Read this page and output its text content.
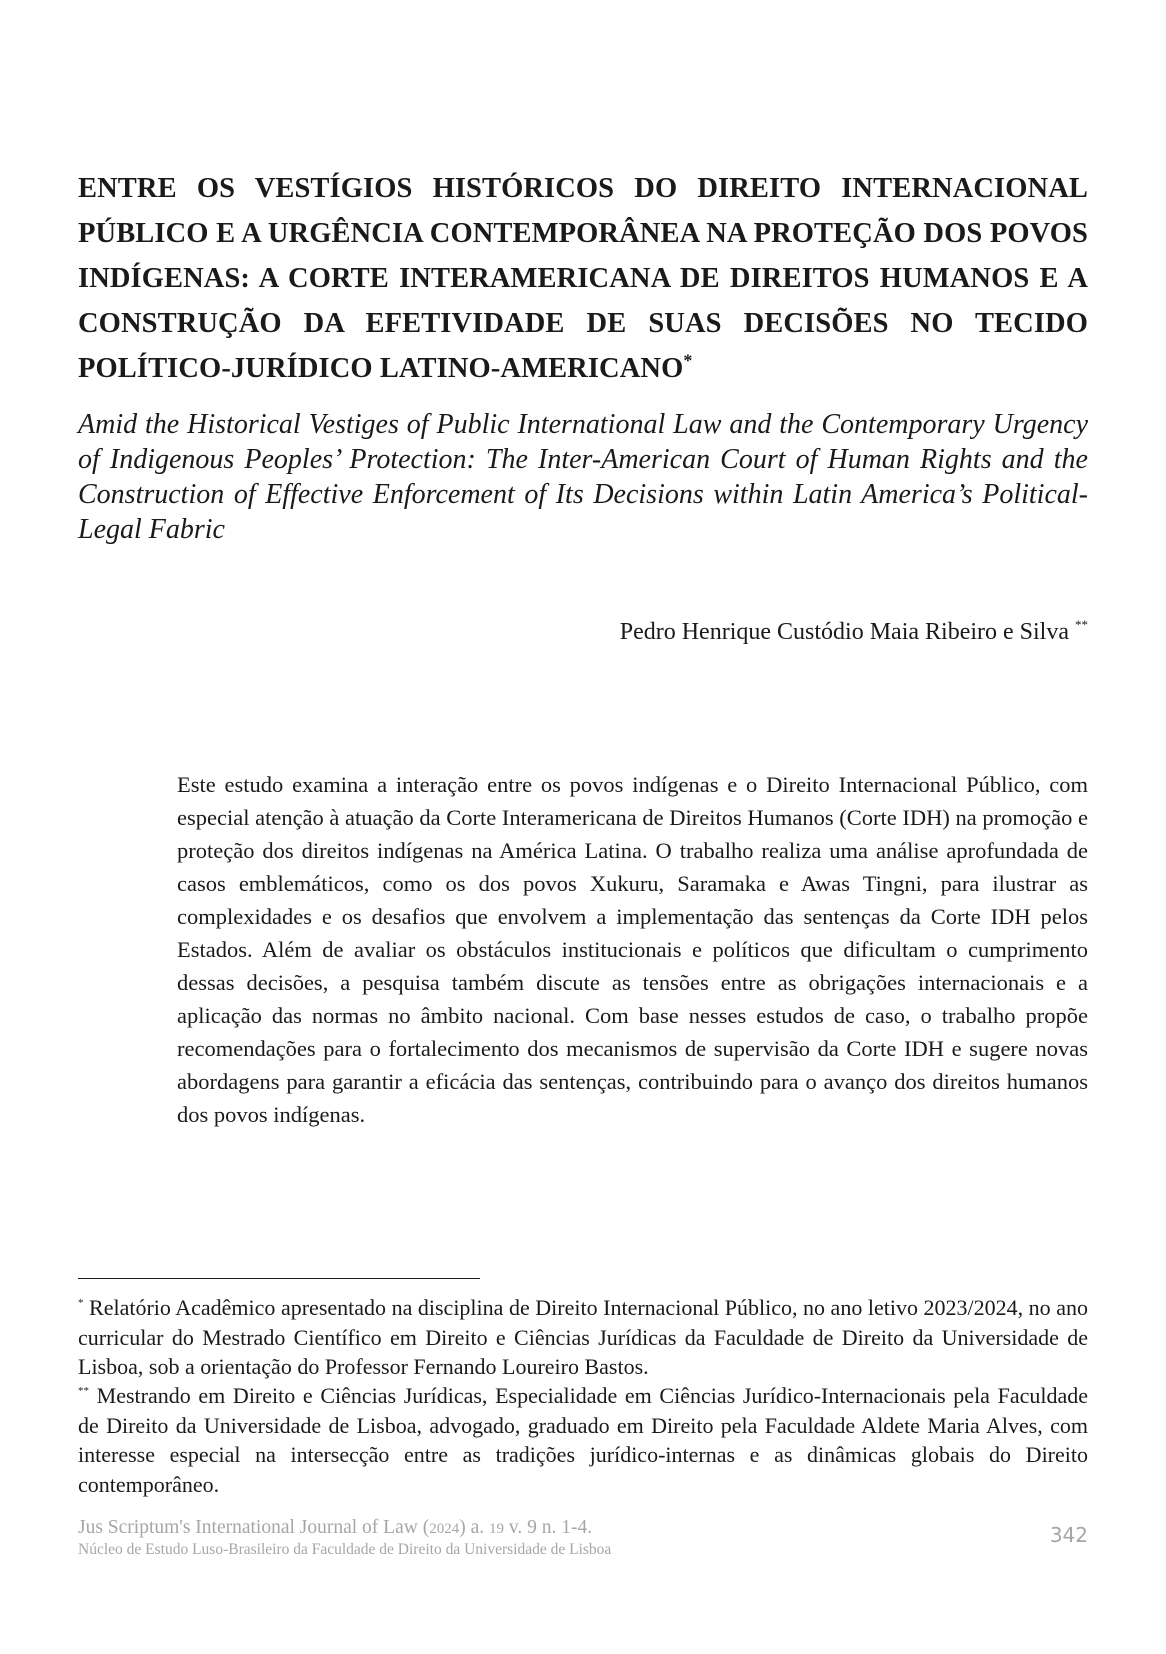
ENTRE OS VESTÍGIOS HISTÓRICOS DO DIREITO INTERNACIONAL PÚBLICO E A URGÊNCIA CONTEMPORÂNEA NA PROTEÇÃO DOS POVOS INDÍGENAS: A CORTE INTERAMERICANA DE DIREITOS HUMANOS E A CONSTRUÇÃO DA EFETIVIDADE DE SUAS DECISÕES NO TECIDO POLÍTICO-JURÍDICO LATINO-AMERICANO*

Amid the Historical Vestiges of Public International Law and the Contemporary Urgency of Indigenous Peoples’ Protection: The Inter-American Court of Human Rights and the Construction of Effective Enforcement of Its Decisions within Latin America’s Political-Legal Fabric

Pedro Henrique Custódio Maia Ribeiro e Silva **

Este estudo examina a interação entre os povos indígenas e o Direito Internacional Público, com especial atenção à atuação da Corte Interamericana de Direitos Humanos (Corte IDH) na promoção e proteção dos direitos indígenas na América Latina. O trabalho realiza uma análise aprofundada de casos emblemáticos, como os dos povos Xukuru, Saramaka e Awas Tingni, para ilustrar as complexidades e os desafios que envolvem a implementação das sentenças da Corte IDH pelos Estados. Além de avaliar os obstáculos institucionais e políticos que dificultam o cumprimento dessas decisões, a pesquisa também discute as tensões entre as obrigações internacionais e a aplicação das normas no âmbito nacional. Com base nesses estudos de caso, o trabalho propõe recomendações para o fortalecimento dos mecanismos de supervisão da Corte IDH e sugere novas abordagens para garantir a eficácia das sentenças, contribuindo para o avanço dos direitos humanos dos povos indígenas.

* Relatório Acadêmico apresentado na disciplina de Direito Internacional Público, no ano letivo 2023/2024, no ano curricular do Mestrado Científico em Direito e Ciências Jurídicas da Faculdade de Direito da Universidade de Lisboa, sob a orientação do Professor Fernando Loureiro Bastos.

** Mestrando em Direito e Ciências Jurídicas, Especialidade em Ciências Jurídico-Internacionais pela Faculdade de Direito da Universidade de Lisboa, advogado, graduado em Direito pela Faculdade Aldete Maria Alves, com interesse especial na intersecção entre as tradições jurídico-internas e as dinâmicas globais do Direito contemporâneo.

Jus Scriptum's International Journal of Law (2024) a. 19 v. 9 n. 1-4.

Núcleo de Estudo Luso-Brasileiro da Faculdade de Direito da Universidade de Lisboa

342
